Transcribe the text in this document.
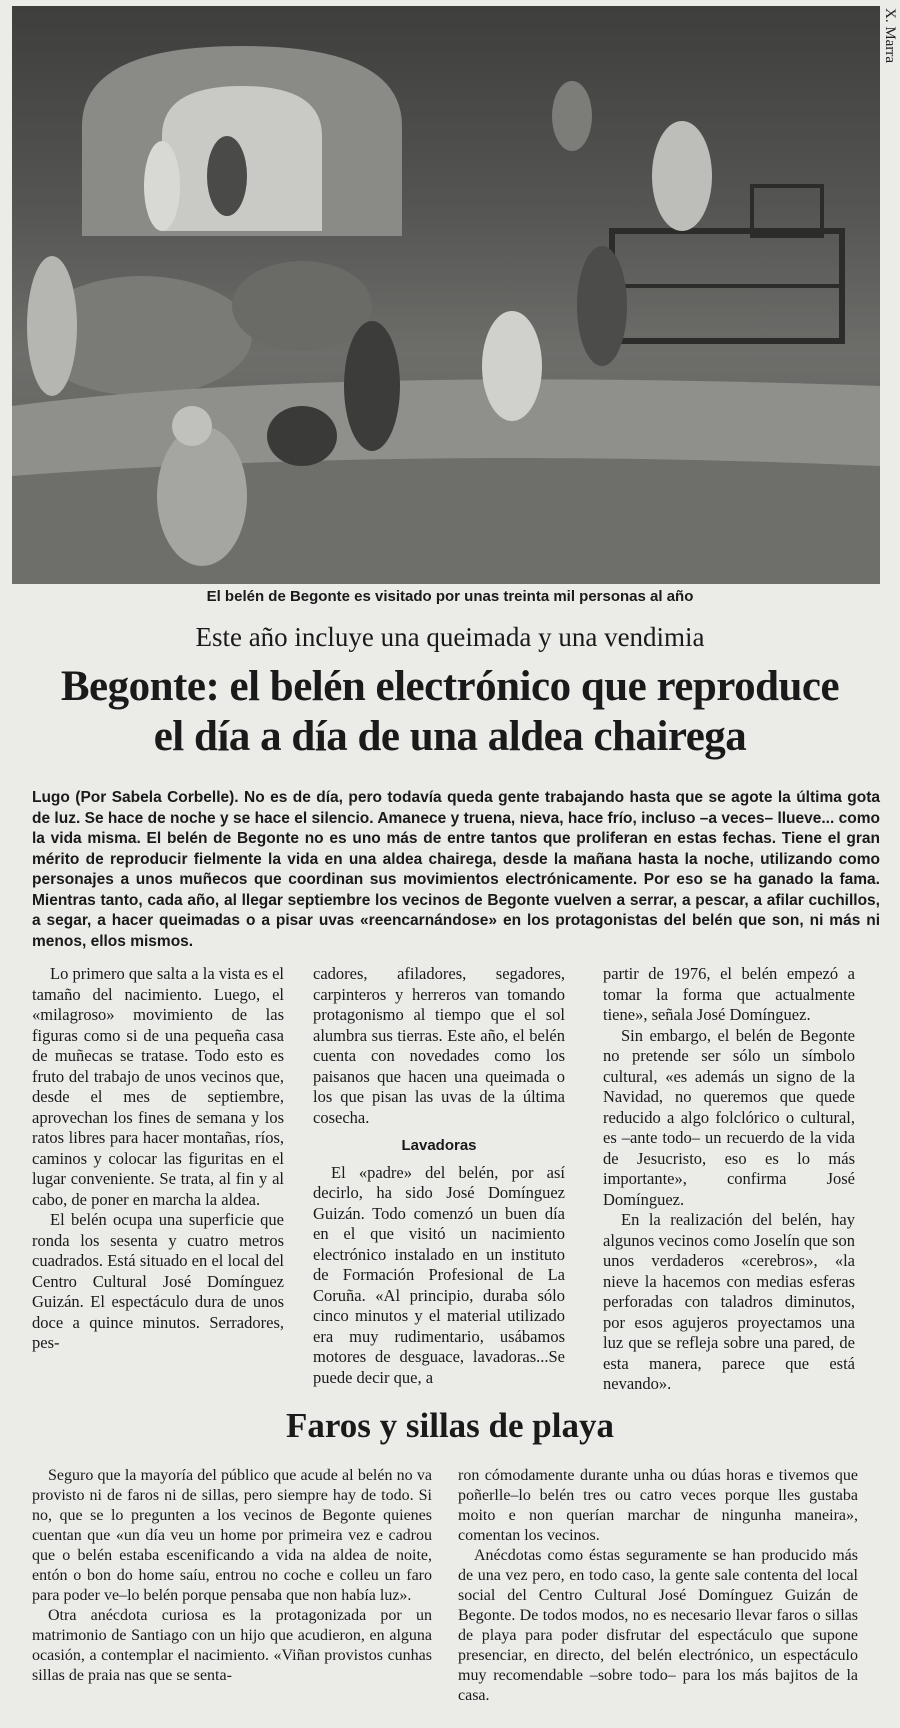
X. Marra
El belén de Begonte es visitado por unas treinta mil personas al año
Este año incluye una queimada y una vendimia
Begonte: el belén electrónico que reproduce
el día a día de una aldea chairega
Lugo (Por Sabela Corbelle). No es de día, pero todavía queda gente trabajando hasta que se agote la última gota de luz. Se hace de noche y se hace el silencio. Amanece y truena, nieva, hace frío, incluso –a veces– llueve... como la vida misma. El belén de Begonte no es uno más de entre tantos que proliferan en estas fechas. Tiene el gran mérito de reproducir fielmente la vida en una aldea chairega, desde la mañana hasta la noche, utilizando como personajes a unos muñecos que coordinan sus movimientos electrónicamente. Por eso se ha ganado la fama. Mientras tanto, cada año, al llegar septiembre los vecinos de Begonte vuelven a serrar, a pescar, a afilar cuchillos, a segar, a hacer queimadas o a pisar uvas «reencarnándose» en los protagonistas del belén que son, ni más ni menos, ellos mismos.

Lo primero que salta a la vista es el tamaño del nacimiento. Luego, el «milagroso» movimiento de las figuras como si de una pequeña casa de muñecas se tratase. Todo esto es fruto del trabajo de unos vecinos que, desde el mes de septiembre, aprovechan los fines de semana y los ratos libres para hacer montañas, ríos, caminos y colocar las figuritas en el lugar conveniente. Se trata, al fin y al cabo, de poner en marcha la aldea.

El belén ocupa una superficie que ronda los sesenta y cuatro metros cuadrados. Está situado en el local del Centro Cultural José Domínguez Guizán. El espectáculo dura de unos doce a quince minutos. Serradores, pes-

cadores, afiladores, segadores, carpinteros y herreros van tomando protagonismo al tiempo que el sol alumbra sus tierras. Este año, el belén cuenta con novedades como los paisanos que hacen una queimada o los que pisan las uvas de la última cosecha.

Lavadoras

El «padre» del belén, por así decirlo, ha sido José Domínguez Guizán. Todo comenzó un buen día en el que visitó un nacimiento electrónico instalado en un instituto de Formación Profesional de La Coruña. «Al principio, duraba sólo cinco minutos y el material utilizado era muy rudimentario, usábamos motores de desguace, lavadoras...Se puede decir que, a

partir de 1976, el belén empezó a tomar la forma que actualmente tiene», señala José Domínguez.

Sin embargo, el belén de Begonte no pretende ser sólo un símbolo cultural, «es además un signo de la Navidad, no queremos que quede reducido a algo folclórico o cultural, es –ante todo– un recuerdo de la vida de Jesucristo, eso es lo más importante», confirma José Domínguez.

En la realización del belén, hay algunos vecinos como Joselín que son unos verdaderos «cerebros», «la nieve la hacemos con medias esferas perforadas con taladros diminutos, por esos agujeros proyectamos una luz que se refleja sobre una pared, de esta manera, parece que está nevando».

Faros y sillas de playa

Seguro que la mayoría del público que acude al belén no va provisto ni de faros ni de sillas, pero siempre hay de todo. Si no, que se lo pregunten a los vecinos de Begonte quienes cuentan que «un día veu un home por primeira vez e cadrou que o belén estaba escenificando a vida na aldea de noite, entón o bon do home saíu, entrou no coche e colleu un faro para poder ve–lo belén porque pensaba que non había luz».

Otra anécdota curiosa es la protagonizada por un matrimonio de Santiago con un hijo que acudieron, en alguna ocasión, a contemplar el nacimiento. «Viñan provistos cunhas sillas de praia nas que se senta-

ron cómodamente durante unha ou dúas horas e tivemos que poñerlle–lo belén tres ou catro veces porque lles gustaba moito e non querían marchar de ningunha maneira», comentan los vecinos.

Anécdotas como éstas seguramente se han producido más de una vez pero, en todo caso, la gente sale contenta del local social del Centro Cultural José Domínguez Guizán de Begonte. De todos modos, no es necesario llevar faros o sillas de playa para poder disfrutar del espectáculo que supone presenciar, en directo, del belén electrónico, un espectáculo muy recomendable –sobre todo– para los más bajitos de la casa.
